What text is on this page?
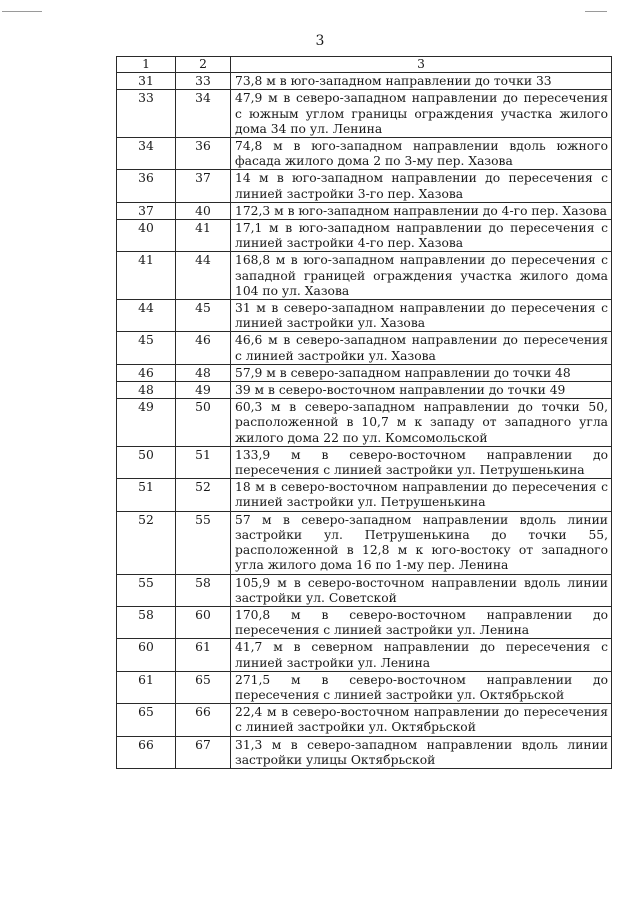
3
1	2	3
31	33	73,8 м в юго-западном направлении до точки 33
33	34	47,9 м в северо-западном направлении до пересечения с южным углом границы ограждения участка жилого дома 34 по ул. Ленина
34	36	74,8 м в юго-западном направлении вдоль южного фасада жилого дома 2 по 3-му пер. Хазова
36	37	14 м в юго-западном направлении до пересечения с линией застройки 3-го пер. Хазова
37	40	172,3 м в юго-западном направлении до 4-го пер. Хазова
40	41	17,1 м в юго-западном направлении до пересечения с линией застройки 4-го пер. Хазова
41	44	168,8 м в юго-западном направлении до пересечения с западной границей ограждения участка жилого дома 104 по ул. Хазова
44	45	31 м в северо-западном направлении до пересечения с линией застройки ул. Хазова
45	46	46,6 м в северо-западном направлении до пересечения с линией застройки ул. Хазова
46	48	57,9 м в северо-западном направлении до точки 48
48	49	39 м в северо-восточном направлении до точки 49
49	50	60,3 м в северо-западном направлении до точки 50, расположенной в 10,7 м к западу от западного угла жилого дома 22 по ул. Комсомольской
50	51	133,9 м в северо-восточном направлении до пересечения с линией застройки ул. Петрушенькина
51	52	18 м в северо-восточном направлении до пересечения с линией застройки ул. Петрушенькина
52	55	57 м в северо-западном направлении вдоль линии застройки ул. Петрушенькина до точки 55, расположенной в 12,8 м к юго-востоку от западного угла жилого дома 16 по 1-му пер. Ленина
55	58	105,9 м в северо-восточном направлении вдоль линии застройки ул. Советской
58	60	170,8 м в северо-восточном направлении до пересечения с линией застройки ул. Ленина
60	61	41,7 м в северном направлении до пересечения с линией застройки ул. Ленина
61	65	271,5 м в северо-восточном направлении до пересечения с линией застройки ул. Октябрьской
65	66	22,4 м в северо-восточном направлении до пересечения с линией застройки ул. Октябрьской
66	67	31,3 м в северо-западном направлении вдоль линии застройки улицы Октябрьской
